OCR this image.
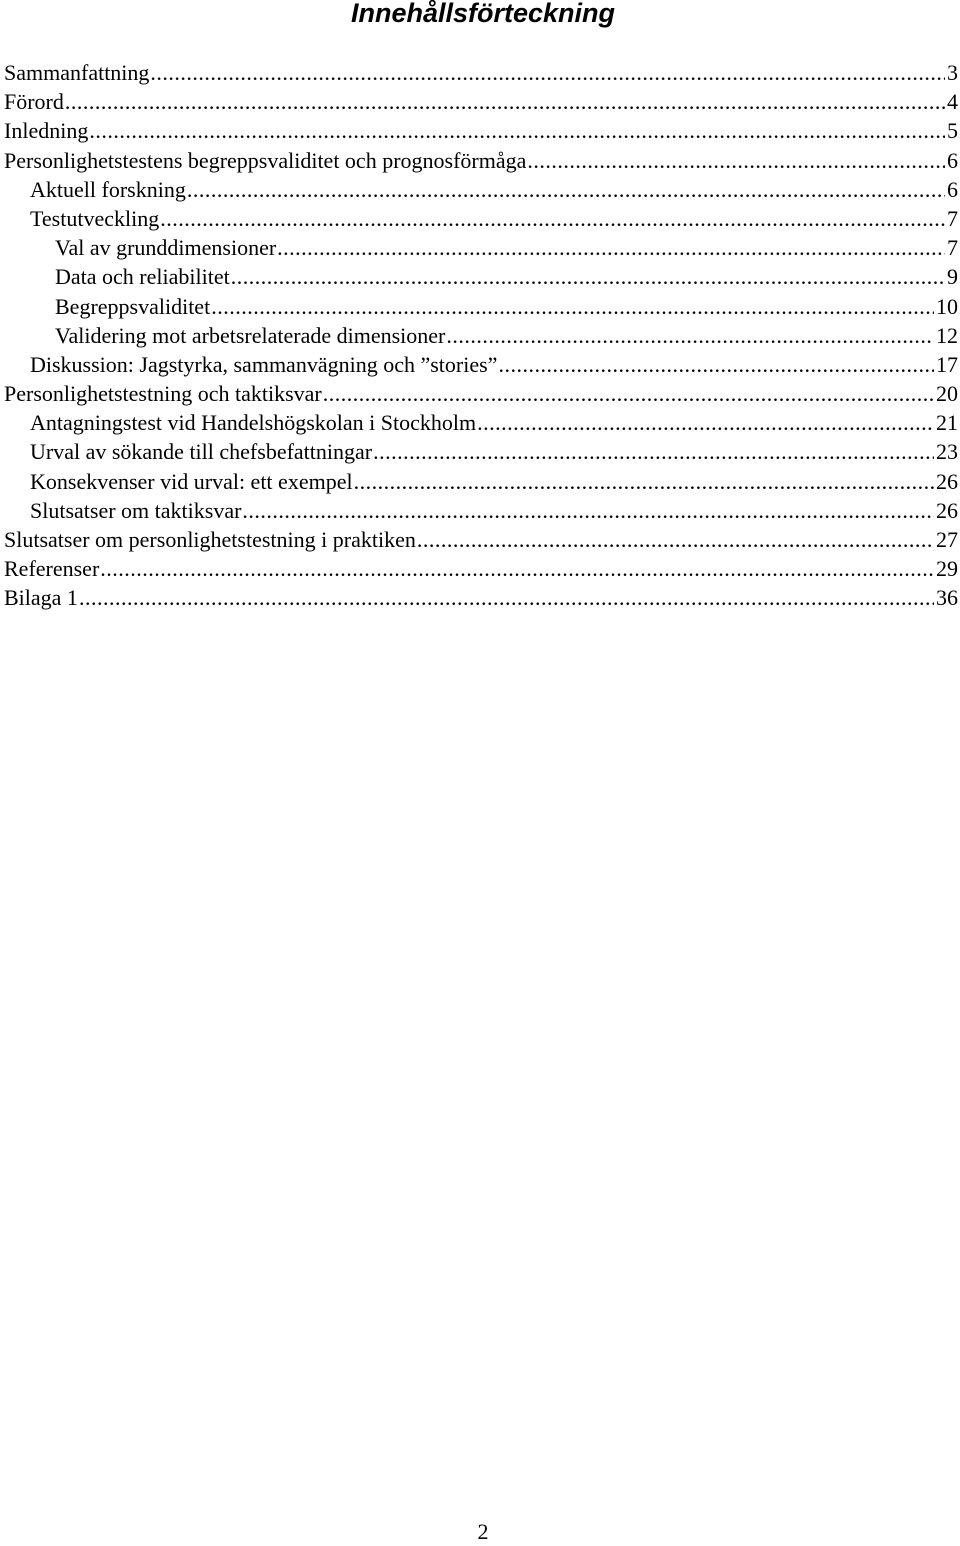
Innehållsförteckning
Sammanfattning .....	3
Förord .....	4
Inledning .....	5
Personlighetstestens begreppsvaliditet och prognosförmåga .....	6
Aktuell forskning .....	6
Testutveckling .....	7
Val av grunddimensioner .....	7
Data och reliabilitet .....	9
Begreppsvaliditet .....	10
Validering mot arbetsrelaterade dimensioner .....	12
Diskussion: Jagstyrka, sammanvägning och ”stories” .....	17
Personlighetstestning och taktiksvar .....	20
Antagningstest vid Handelshögskolan i Stockholm .....	21
Urval av sökande till chefsbefattningar .....	23
Konsekvenser vid urval: ett exempel .....	26
Slutsatser om taktiksvar .....	26
Slutsatser om personlighetstestning i praktiken .....	27
Referenser .....	29
Bilaga 1 .....	36
2
